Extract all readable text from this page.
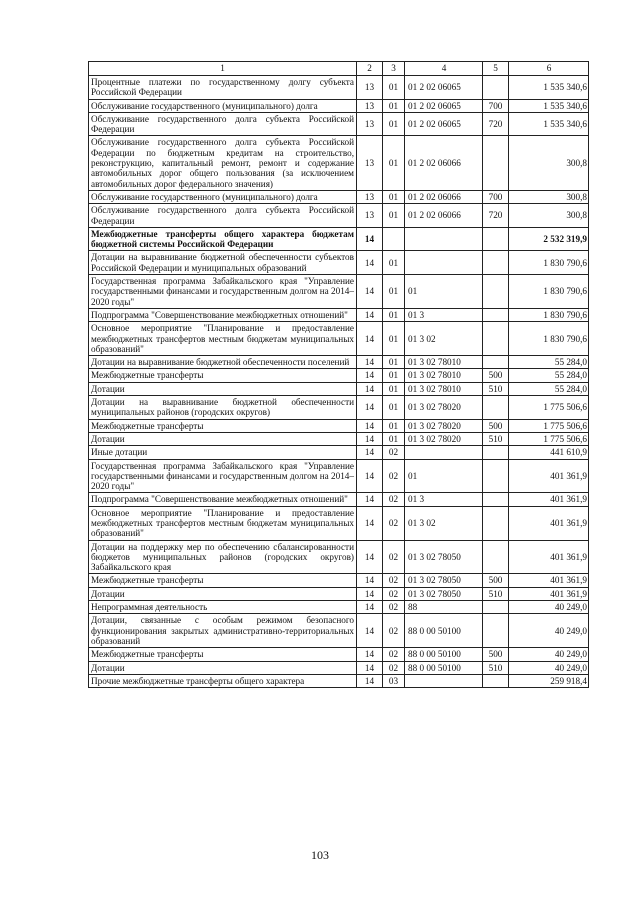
1	2	3	4	5	6
Процентные платежи по государственному долгу субъекта Российской Федерации	13	01	01 2 02 06065		1 535 340,6
Обслуживание государственного (муниципального) долга	13	01	01 2 02 06065	700	1 535 340,6
Обслуживание государственного долга субъекта Российской Федерации	13	01	01 2 02 06065	720	1 535 340,6
Обслуживание государственного долга субъекта Российской Федерации по бюджетным кредитам на строительство, реконструкцию, капитальный ремонт, ремонт и содержание автомобильных дорог общего пользования (за исключением автомобильных дорог федерального значения)	13	01	01 2 02 06066		300,8
Обслуживание государственного (муниципального) долга	13	01	01 2 02 06066	700	300,8
Обслуживание государственного долга субъекта Российской Федерации	13	01	01 2 02 06066	720	300,8
Межбюджетные трансферты общего характера бюджетам бюджетной системы Российской Федерации	14				2 532 319,9
Дотации на выравнивание бюджетной обеспеченности субъектов Российской Федерации и муниципальных образований	14	01			1 830 790,6
Государственная программа Забайкальского края "Управление государственными финансами и государственным долгом на 2014–2020 годы"	14	01	01		1 830 790,6
Подпрограмма "Совершенствование межбюджетных отношений"	14	01	01 3		1 830 790,6
Основное мероприятие "Планирование и предоставление межбюджетных трансфертов местным бюджетам муниципальных образований"	14	01	01 3 02		1 830 790,6
Дотации на выравнивание бюджетной обеспеченности поселений	14	01	01 3 02 78010		55 284,0
Межбюджетные трансферты	14	01	01 3 02 78010	500	55 284,0
Дотации	14	01	01 3 02 78010	510	55 284,0
Дотации на выравнивание бюджетной обеспеченности муниципальных районов (городских округов)	14	01	01 3 02 78020		1 775 506,6
Межбюджетные трансферты	14	01	01 3 02 78020	500	1 775 506,6
Дотации	14	01	01 3 02 78020	510	1 775 506,6
Иные дотации	14	02			441 610,9
Государственная программа Забайкальского края "Управление государственными финансами и государственным долгом на 2014–2020 годы"	14	02	01		401 361,9
Подпрограмма "Совершенствование межбюджетных отношений"	14	02	01 3		401 361,9
Основное мероприятие "Планирование и предоставление межбюджетных трансфертов местным бюджетам муниципальных образований"	14	02	01 3 02		401 361,9
Дотации на поддержку мер по обеспечению сбалансированности бюджетов муниципальных районов (городских округов) Забайкальского края	14	02	01 3 02 78050		401 361,9
Межбюджетные трансферты	14	02	01 3 02 78050	500	401 361,9
Дотации	14	02	01 3 02 78050	510	401 361,9
Непрограммная деятельность	14	02	88		40 249,0
Дотации, связанные с особым режимом безопасного функционирования закрытых административно-территориальных образований	14	02	88 0 00 50100		40 249,0
Межбюджетные трансферты	14	02	88 0 00 50100	500	40 249,0
Дотации	14	02	88 0 00 50100	510	40 249,0
Прочие межбюджетные трансферты общего характера	14	03			259 918,4
103
